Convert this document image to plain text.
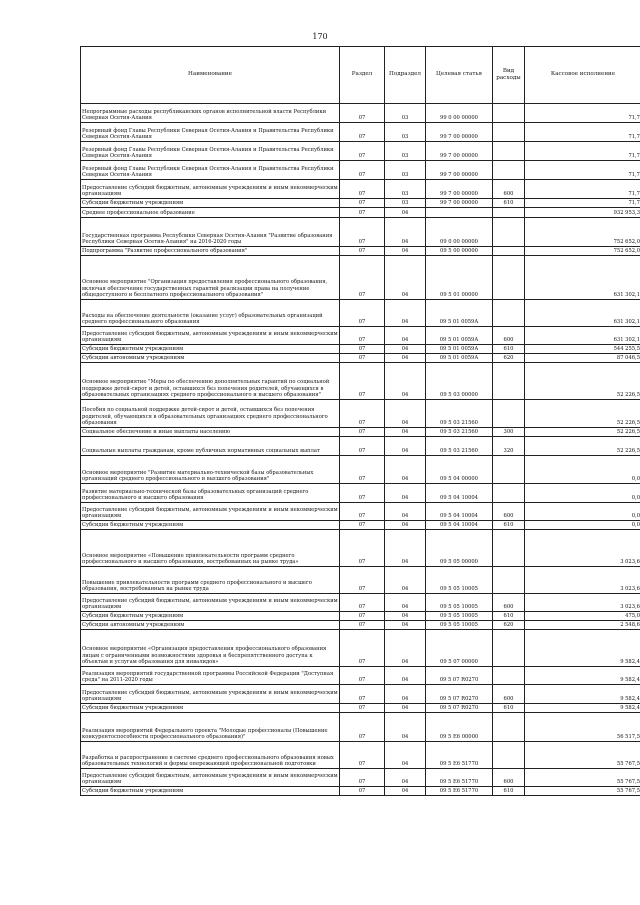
170
Наименование	Раздел	Подраздел	Целевая статья	Вид расходы	Кассовое исполнение
Непрограммные расходы республиканских органов исполнительной власти Республики Северная Осетия-Алания	07	03	99 0 00 00000		71,7
Резервный фонд Главы Республики Северная Осетия-Алания и Правительства Республики Северная Осетия-Алания	07	03	99 7 00 00000		71,7
Резервный фонд Главы Республики Северная Осетия-Алания и Правительства Республики Северная Осетия-Алания	07	03	99 7 00 00000		71,7
Резервный фонд Главы Республики Северная Осетия-Алания и Правительства Республики Северная Осетия-Алания	07	03	99 7 00 00000		71,7
Предоставление субсидий бюджетным, автономным учреждениям и иным некоммерческим организациям	07	03	99 7 00 00000	600	71,7
Субсидии бюджетным учреждениям	07	03	99 7 00 00000	610	71,7
Среднее профессиональное образование	07	04			932 953,3
Государственная программа Республики Северная Осетия-Алания "Развитие образования Республики Северная Осетия-Алания" на 2016-2020 годы	07	04	09 0 00 00000		752 652,0
Подпрограмма "Развитие профессионального образования"	07	04	09 5 00 00000		752 652,0
Основное мероприятие "Организация предоставления профессионального образования, включая обеспечение государственных гарантий реализации права на получение общедоступного и бесплатного профессионального образования"	07	04	09 5 01 00000		631 302,1
Расходы на обеспечение деятельности (оказание услуг) образовательных организаций среднего профессионального образования	07	04	09 5 01 0059А		631 302,1
Предоставление субсидий бюджетным, автономным учреждениям и иным некоммерческим организациям	07	04	09 5 01 0059А	600	631 302,1
Субсидии бюджетным учреждениям	07	04	09 5 01 0059А	610	544 255,5
Субсидии автономным учреждениям	07	04	09 5 01 0059А	620	87 046,5
Основное мероприятие "Меры по обеспечению дополнительных гарантий по социальной поддержке детей-сирот и детей, оставшихся без попечения родителей, обучающихся в образовательных организациях среднего профессионального и высшего образования"	07	04	09 5 03 00000		52 226,5
Пособия по социальной поддержке детей-сирот и детей, оставшихся без попечения родителей, обучающихся в образовательных организациях среднего профессионального образования	07	04	09 5 03 21560		52 226,5
Социальное обеспечение и иные выплаты населению	07	04	09 5 03 21560	300	52 226,5
Социальные выплаты гражданам, кроме публичных нормативных социальных выплат	07	04	09 5 03 21560	320	52 226,5
Основное мероприятие "Развитие материально-технической базы образовательных организаций среднего профессионального и высшего образования"	07	04	09 5 04 00000		0,0
Развитие материально-технической базы образовательных организаций среднего профессионального и высшего образования	07	04	09 5 04 10004		0,0
Предоставление субсидий бюджетным, автономным учреждениям и иным некоммерческим организациям	07	04	09 5 04 10004	600	0,0
Субсидии бюджетным учреждениям	07	04	09 5 04 10004	610	0,0
Основное мероприятие «Повышение привлекательности программ среднего профессионального и высшего образования, востребованных на рынке труда»	07	04	09 5 05 00000		3 023,6
Повышение привлекательности программ среднего профессионального и высшего образования, востребованных на рынке труда	07	04	09 5 05 10005		3 023,6
Предоставление субсидий бюджетным, автономным учреждениям и иным некоммерческим организациям	07	04	09 5 05 10005	600	3 023,6
Субсидии бюджетным учреждениям	07	04	09 5 05 10005	610	475,0
Субсидии автономным учреждениям	07	04	09 5 05 10005	620	2 548,6
Основное мероприятие «Организация предоставления профессионального образования лицам с ограниченными возможностями здоровья и беспрепятственного доступа к объектам и услугам образования для инвалидов»	07	04	09 5 07 00000		9 582,4
Реализация мероприятий государственной программы Российской Федерации "Доступная среда" на 2011-2020 годы	07	04	09 5 07 R0270		9 582,4
Предоставление субсидий бюджетным, автономным учреждениям и иным некоммерческим организациям	07	04	09 5 07 R0270	600	9 582,4
Субсидии бюджетным учреждениям	07	04	09 5 07 R0270	610	9 582,4
Реализация мероприятий Федерального проекта "Молодые профессионалы (Повышение конкурентоспособности профессионального образования)"	07	04	09 5 Е6 00000		56 517,5
Разработка и распространение в системе среднего профессионального образования новых образовательных технологий и формы опережающей профессиональной подготовки	07	04	09 5 Е6 51770		55 767,5
Предоставление субсидий бюджетным, автономным учреждениям и иным некоммерческим организациям	07	04	09 5 Е6 51770	600	55 767,5
Субсидии бюджетным учреждениям	07	04	09 5 Е6 51770	610	55 767,5
